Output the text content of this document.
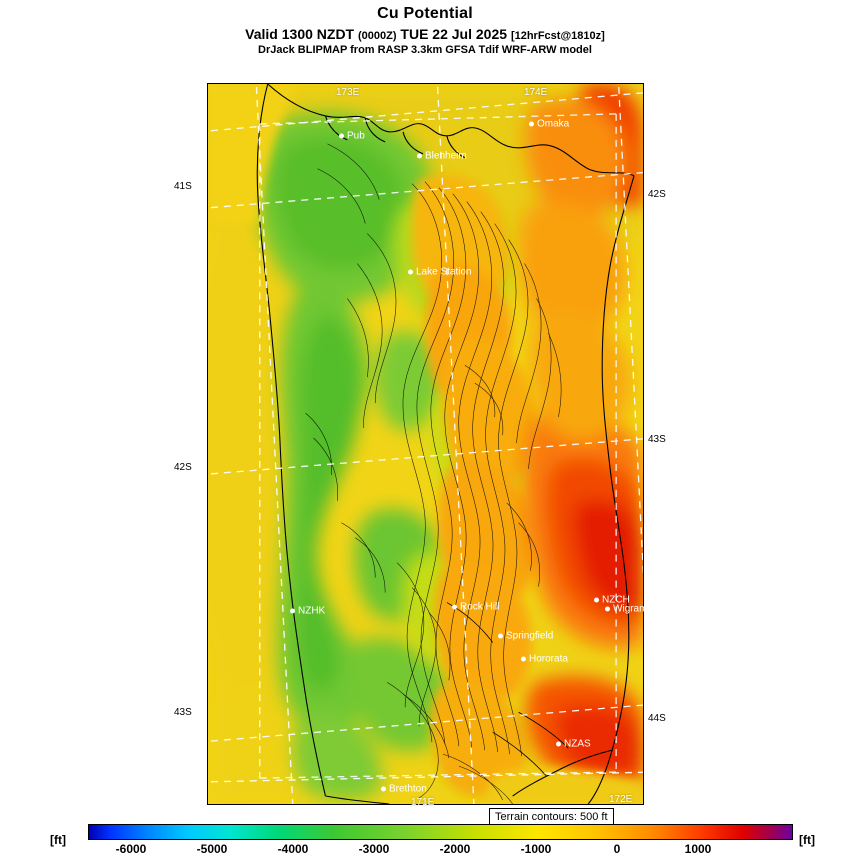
Cu Potential
Valid 1300 NZDT (0000Z) TUE 22 Jul 2025 [12hrFcst@1810z]
DrJack BLIPMAP from RASP 3.3km GFSA Tdif WRF-ARW model
41S
42S
43S
42S
43S
44S
174E
173E
171E	172E
Omaka
Blenheim
Pub
Lake Station
NZHK	Rock Hill
NZCH
Wigram
Springfield
Hororata
NZAS
Brethton
Terrain contours: 500 ft
[ft]	[ft]
-6000	-5000	-4000	-3000	-2000	-1000	0	1000
